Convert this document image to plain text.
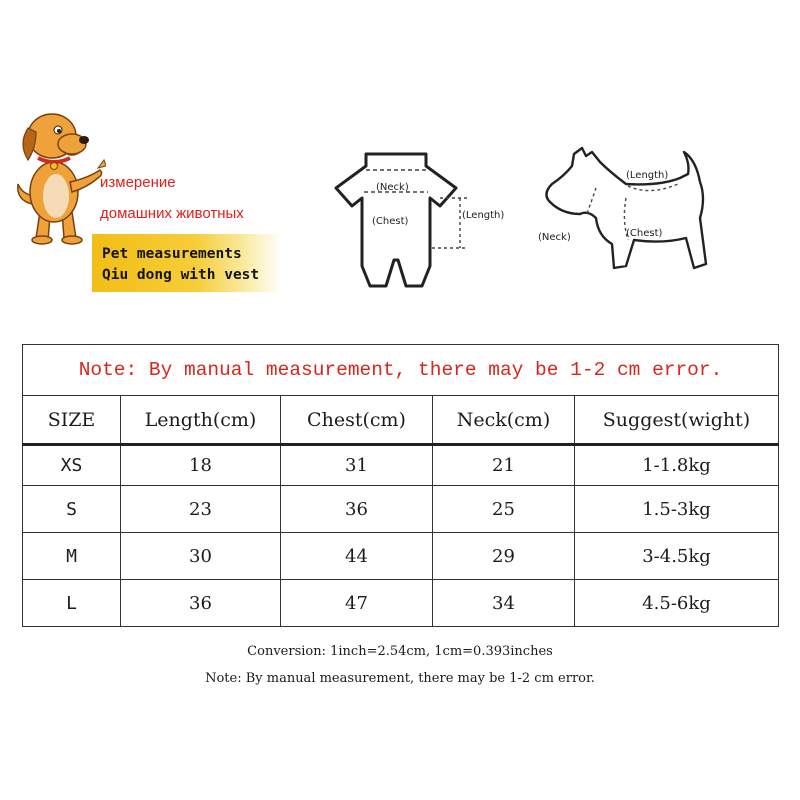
измерение
домашних животных
Pet measurements
Qiu dong with vest
(Neck)
(Chest)
(Length)
(Length)
(Neck)	(Chest)
Note: By manual measurement, there may be 1-2 cm error.				
SIZE	Length(cm)	Chest(cm)	Neck(cm)	Suggest(wight)
XS	18	31	21	1-1.8kg
S	23	36	25	1.5-3kg
M	30	44	29	3-4.5kg
L	36	47	34	4.5-6kg
Conversion: 1inch=2.54cm, 1cm=0.393inches
Note: By manual measurement, there may be 1-2 cm error.
